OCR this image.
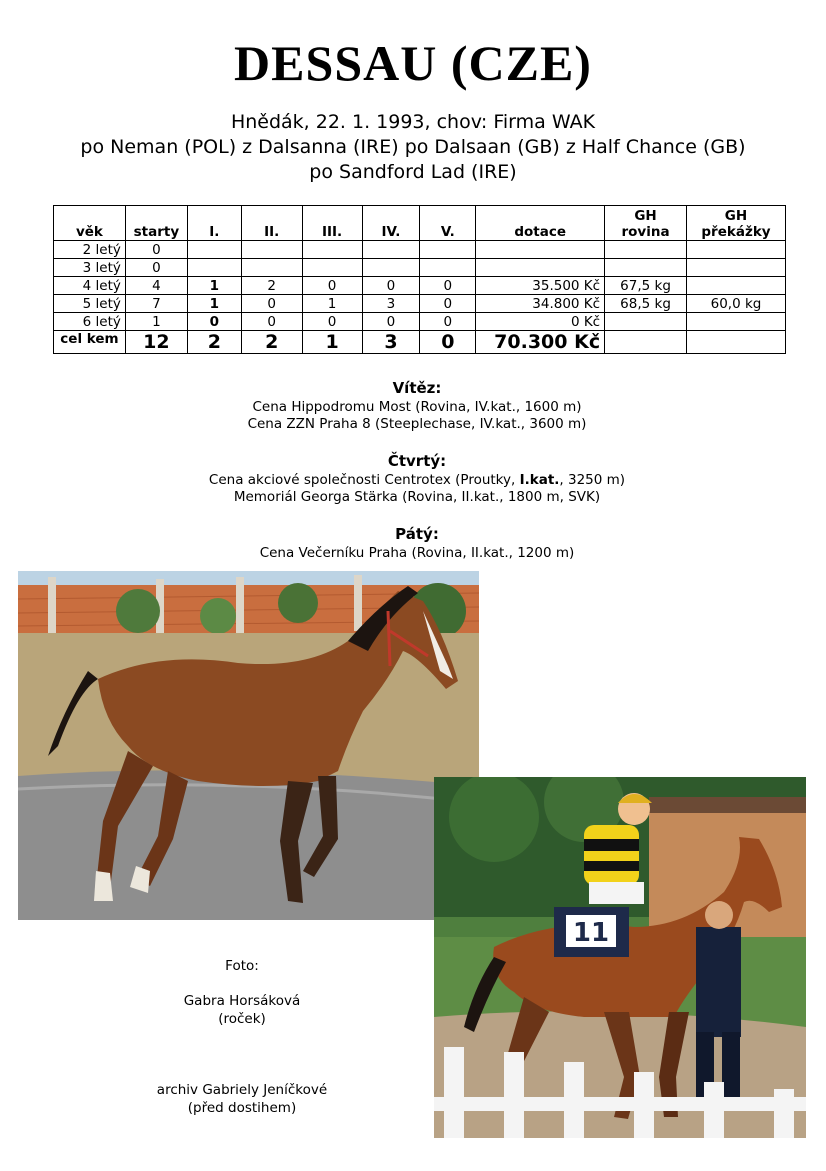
DESSAU (CZE)
Hnědák, 22. 1. 1993, chov: Firma WAK
po Neman (POL) z Dalsanna (IRE) po Dalsaan (GB) z Half Chance (GB)
po Sandford Lad (IRE)
věk	starty	I.	II.	III.	IV.	V.	dotace	GH rovina	GH překážky
2 letý	0								
3 letý	0								
4 letý	4	1	2	0	0	0	35.500 Kč	67,5 kg	
5 letý	7	1	0	1	3	0	34.800 Kč	68,5 kg	60,0 kg
6 letý	1	0	0	0	0	0	0 Kč		
cel kem	12	2	2	1	3	0	70.300 Kč		
Vítěz:
Cena Hippodromu Most (Rovina, IV.kat., 1600 m)
Cena ZZN Praha 8 (Steeplechase, IV.kat., 3600 m)
Čtvrtý:
Cena akciové společnosti Centrotex (Proutky, I.kat., 3250 m)
Memoriál Georga Stärka (Rovina, II.kat., 1800 m, SVK)
Pátý:
Cena Večerníku Praha (Rovina, II.kat., 1200 m)
11
Foto:
Gabra Horsáková
(roček)
archiv Gabriely Jeníčkové
(před dostihem)
